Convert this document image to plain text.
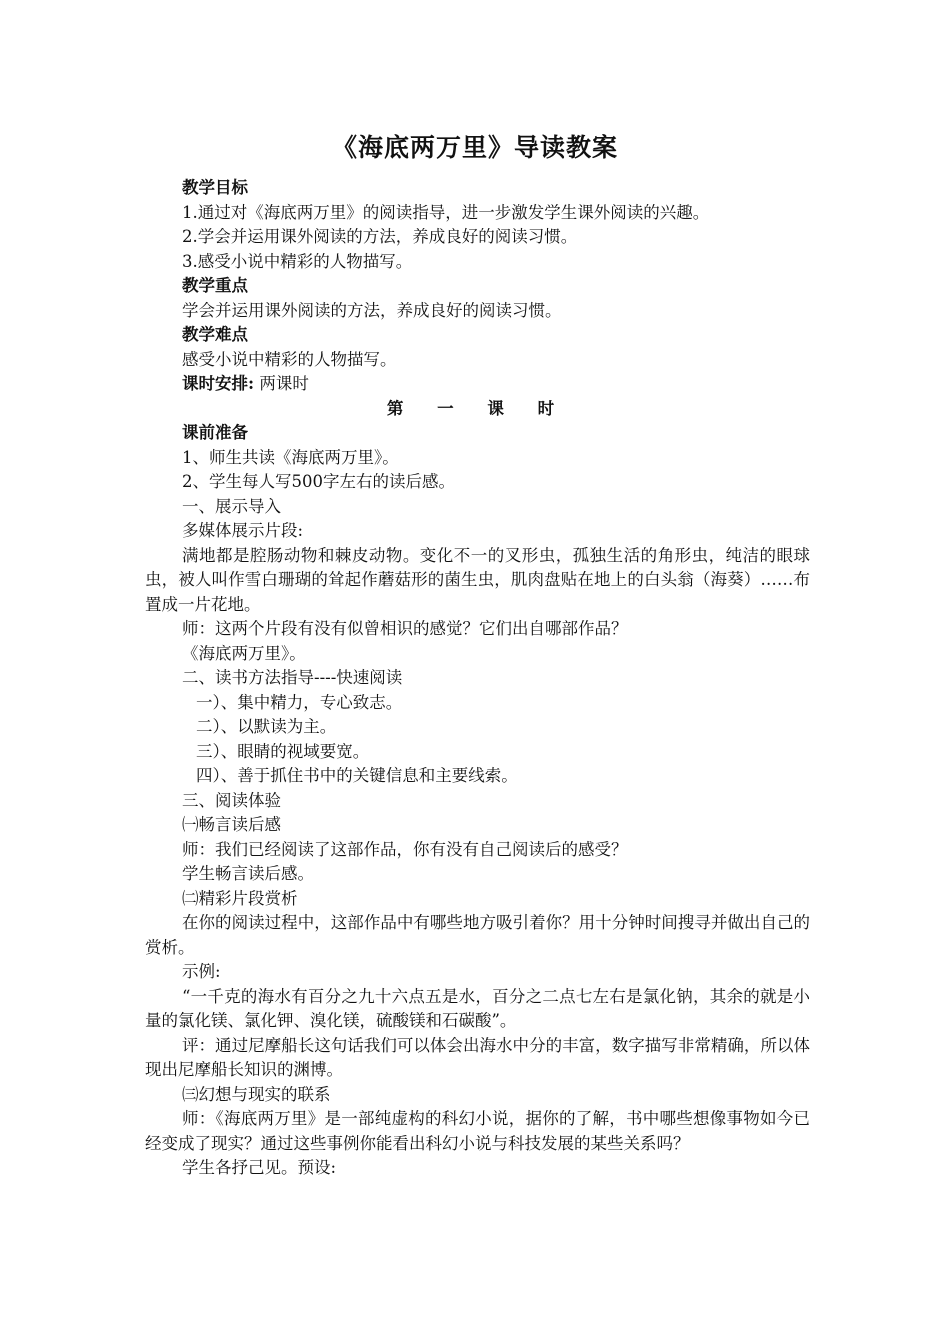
《海底两万里》导读教案

教学目标

1.通过对《海底两万里》的阅读指导，进一步激发学生课外阅读的兴趣。

2.学会并运用课外阅读的方法，养成良好的阅读习惯。

3.感受小说中精彩的人物描写。

教学重点

学会并运用课外阅读的方法，养成良好的阅读习惯。

教学难点

感受小说中精彩的人物描写。

课时安排: 两课时

第 一 课 时

课前准备

1、师生共读《海底两万里》。

2、学生每人写500字左右的读后感。

一、展示导入

多媒体展示片段:

满地都是腔肠动物和棘皮动物。变化不一的叉形虫，孤独生活的角形虫，纯洁的眼球虫，被人叫作雪白珊瑚的耸起作蘑菇形的菌生虫，肌肉盘贴在地上的白头翁（海葵）……布置成一片花地。

师：这两个片段有没有似曾相识的感觉？它们出自哪部作品？

《海底两万里》。

二、读书方法指导----快速阅读

一）、集中精力，专心致志。

二）、以默读为主。

三）、眼睛的视域要宽。

四）、善于抓住书中的关键信息和主要线索。

三、阅读体验

㈠畅言读后感

师：我们已经阅读了这部作品，你有没有自己阅读后的感受？

学生畅言读后感。

㈡精彩片段赏析

在你的阅读过程中，这部作品中有哪些地方吸引着你？用十分钟时间搜寻并做出自己的赏析。

示例:

“一千克的海水有百分之九十六点五是水，百分之二点七左右是氯化钠，其余的就是小量的氯化镁、氯化钾、溴化镁，硫酸镁和石碳酸”。

评：通过尼摩船长这句话我们可以体会出海水中分的丰富，数字描写非常精确，所以体现出尼摩船长知识的渊博。

㈢幻想与现实的联系

师：《海底两万里》是一部纯虚构的科幻小说，据你的了解，书中哪些想像事物如今已经变成了现实？通过这些事例你能看出科幻小说与科技发展的某些关系吗？

学生各抒己见。预设:
